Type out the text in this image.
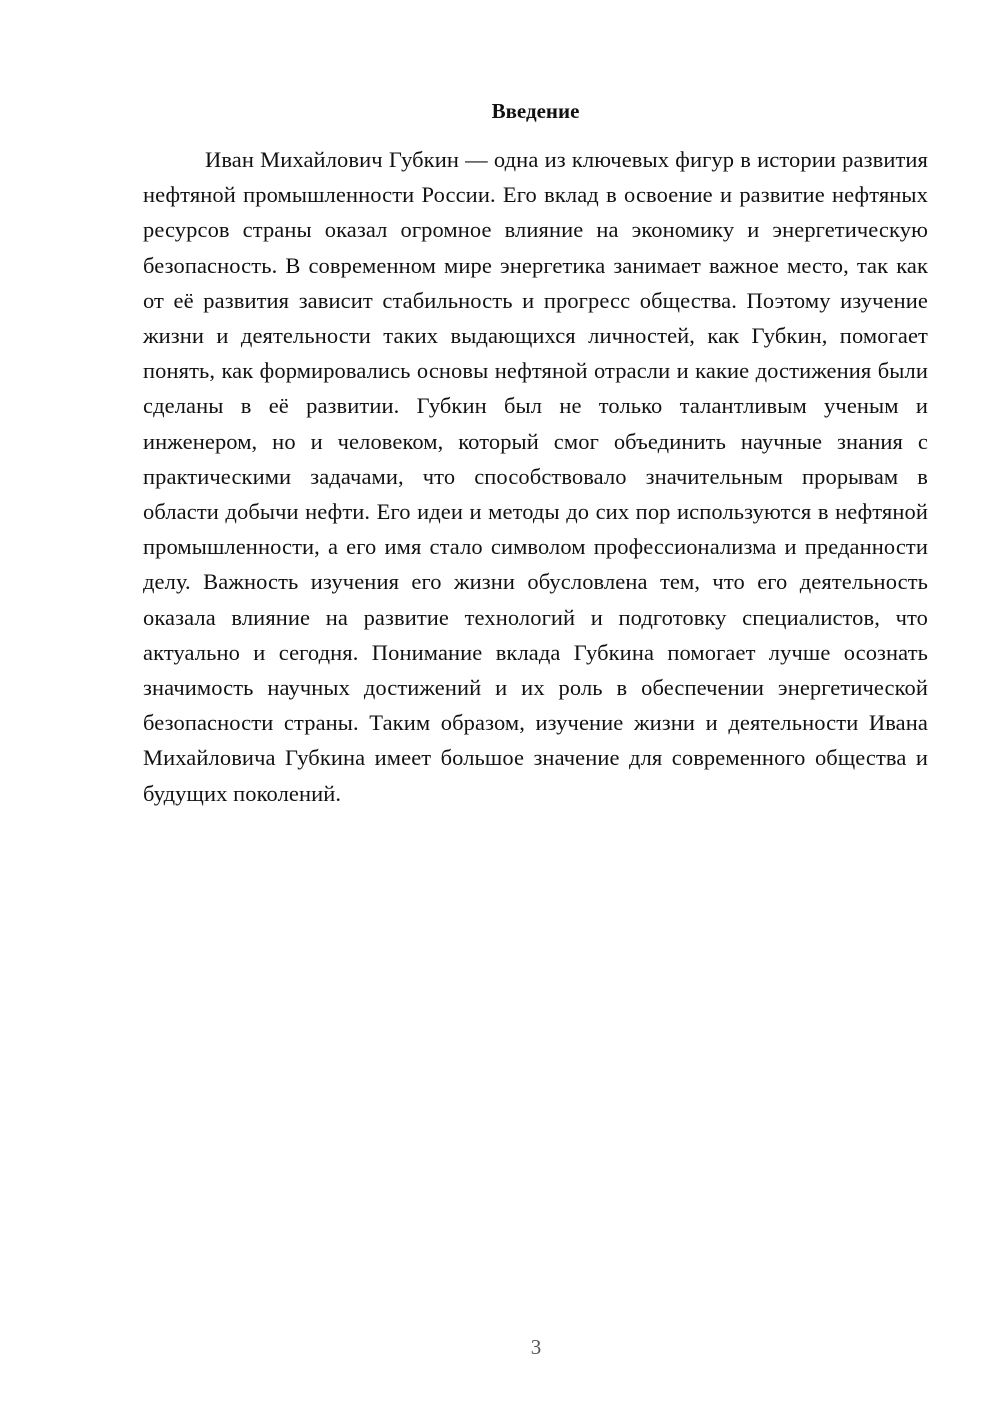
Введение

Иван Михайлович Губкин — одна из ключевых фигур в истории развития нефтяной промышленности России. Его вклад в освоение и развитие нефтяных ресурсов страны оказал огромное влияние на экономику и энергетическую безопасность. В современном мире энергетика занимает важное место, так как от её развития зависит стабильность и прогресс общества. Поэтому изучение жизни и деятельности таких выдающихся личностей, как Губкин, помогает понять, как формировались основы нефтяной отрасли и какие достижения были сделаны в её развитии. Губкин был не только талантливым ученым и инженером, но и человеком, который смог объединить научные знания с практическими задачами, что способствовало значительным прорывам в области добычи нефти. Его идеи и методы до сих пор используются в нефтяной промышленности, а его имя стало символом профессионализма и преданности делу. Важность изучения его жизни обусловлена тем, что его деятельность оказала влияние на развитие технологий и подготовку специалистов, что актуально и сегодня. Понимание вклада Губкина помогает лучше осознать значимость научных достижений и их роль в обеспечении энергетической безопасности страны. Таким образом, изучение жизни и деятельности Ивана Михайловича Губкина имеет большое значение для современного общества и будущих поколений.

3
